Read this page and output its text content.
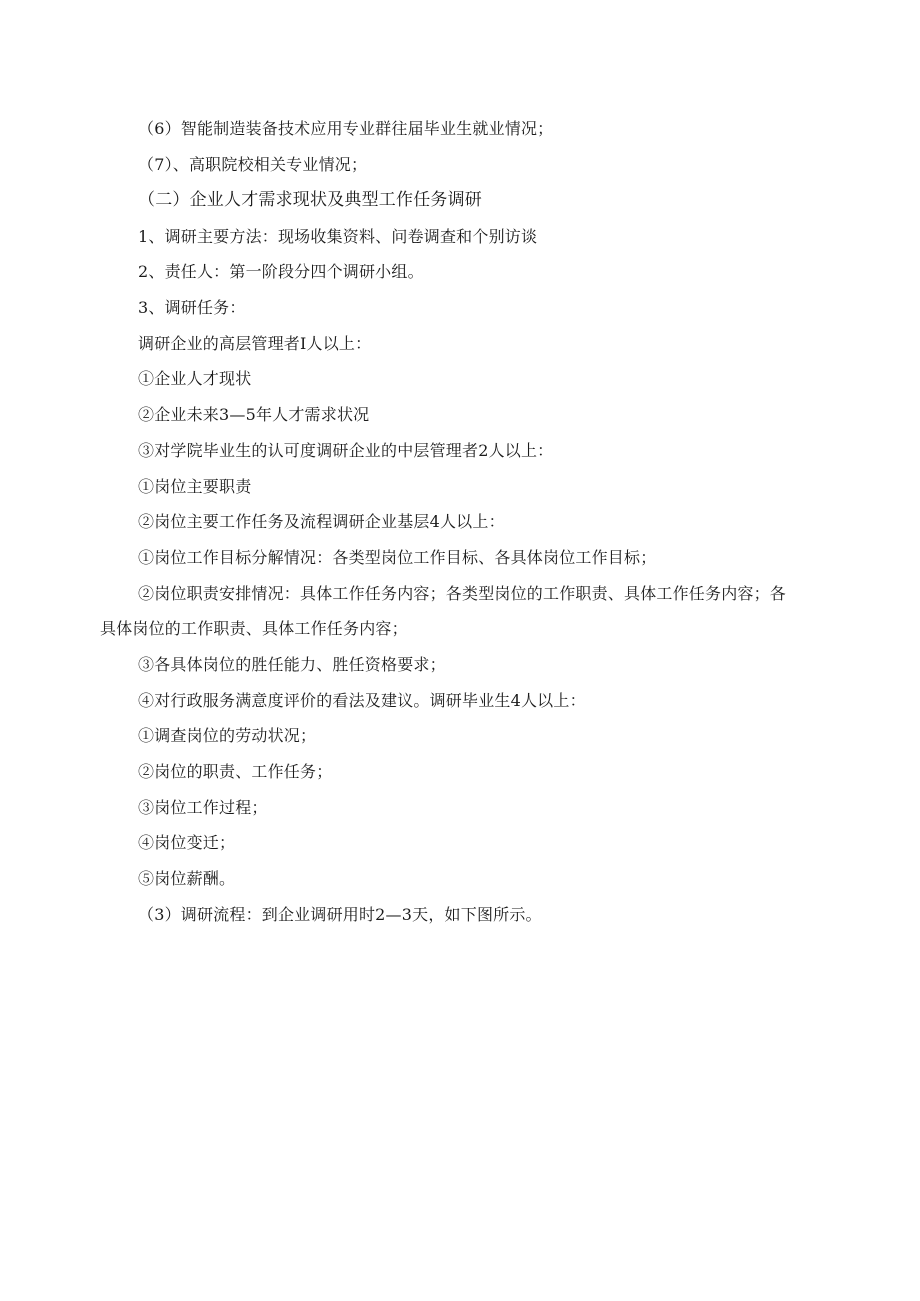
（6）智能制造装备技术应用专业群往届毕业生就业情况；
（7）、高职院校相关专业情况；
（二）企业人才需求现状及典型工作任务调研
1、调研主要方法：现场收集资料、问卷调查和个别访谈
2、责任人：第一阶段分四个调研小组。
3、调研任务：
调研企业的高层管理者I人以上：
①企业人才现状
②企业未来3—5年人才需求状况
③对学院毕业生的认可度调研企业的中层管理者2人以上：
①岗位主要职责
②岗位主要工作任务及流程调研企业基层4人以上：
①岗位工作目标分解情况：各类型岗位工作目标、各具体岗位工作目标；
②岗位职责安排情况：具体工作任务内容；各类型岗位的工作职责、具体工作任务内容；各
具体岗位的工作职责、具体工作任务内容；
③各具体岗位的胜任能力、胜任资格要求；
④对行政服务满意度评价的看法及建议。调研毕业生4人以上：
①调查岗位的劳动状况；
②岗位的职责、工作任务；
③岗位工作过程；
④岗位变迁；
⑤岗位薪酬。
（3）调研流程：到企业调研用时2—3天，如下图所示。
